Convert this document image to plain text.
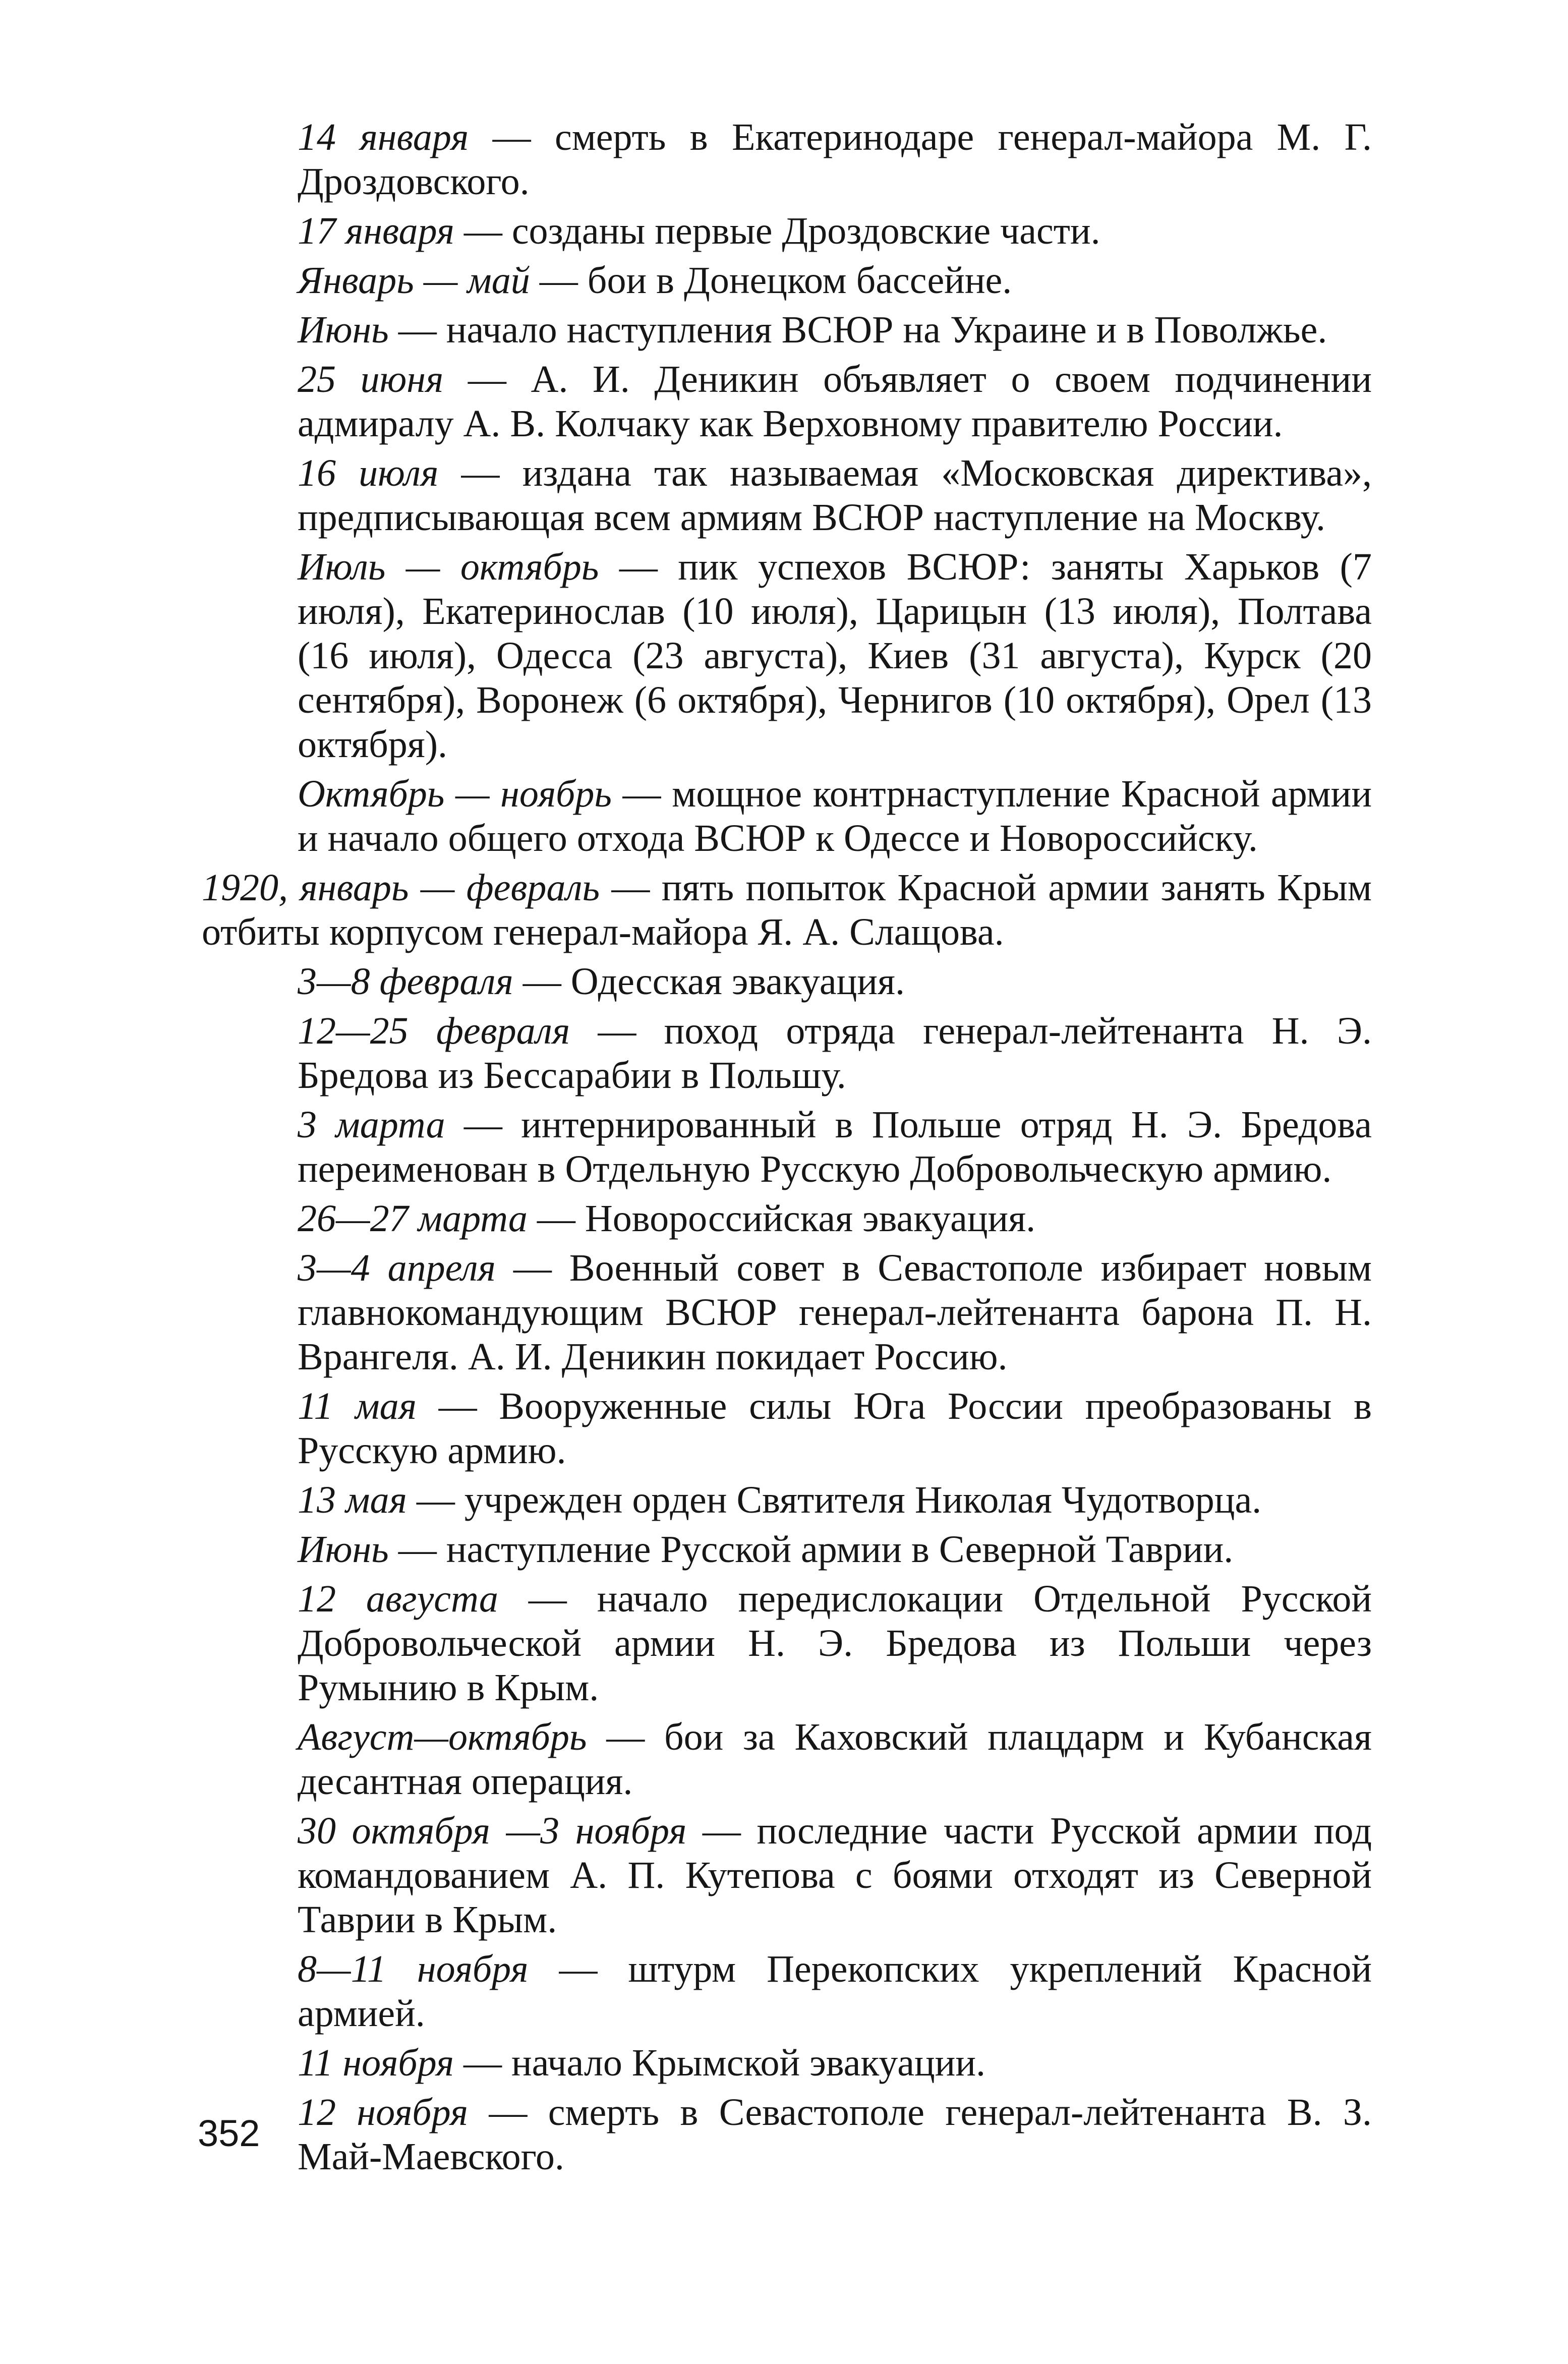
14 января — смерть в Екатеринодаре генерал-майора М. Г. Дроздовского.

17 января — созданы первые Дроздовские части.

Январь — май — бои в Донецком бассейне.

Июнь — начало наступления ВСЮР на Украине и в Поволжье.

25 июня — А. И. Деникин объявляет о своем подчинении адмиралу А. В. Колчаку как Верховному правителю России.

16 июля — издана так называемая «Московская директива», предписывающая всем армиям ВСЮР наступление на Москву.

Июль — октябрь — пик успехов ВСЮР: заняты Харьков (7 июля), Екатеринослав (10 июля), Царицын (13 июля), Полтава (16 июля), Одесса (23 августа), Киев (31 августа), Курск (20 сентября), Воронеж (6 октября), Чернигов (10 октября), Орел (13 октября).

Октябрь — ноябрь — мощное контрнаступление Красной армии и начало общего отхода ВСЮР к Одессе и Новороссийску.

1920, январь — февраль — пять попыток Красной армии занять Крым отбиты корпусом генерал-майора Я. А. Слащова.

3—8 февраля — Одесская эвакуация.

12—25 февраля — поход отряда генерал-лейтенанта Н. Э. Бредова из Бессарабии в Польшу.

3 марта — интернированный в Польше отряд Н. Э. Бредова переименован в Отдельную Русскую Добровольческую армию.

26—27 марта — Новороссийская эвакуация.

3—4 апреля — Военный совет в Севастополе избирает новым главнокомандующим ВСЮР генерал-лейтенанта барона П. Н. Врангеля. А. И. Деникин покидает Россию.

11 мая — Вооруженные силы Юга России преобразованы в Русскую армию.

13 мая — учрежден орден Святителя Николая Чудотворца.

Июнь — наступление Русской армии в Северной Таврии.

12 августа — начало передислокации Отдельной Русской Добровольческой армии Н. Э. Бредова из Польши через Румынию в Крым.

Август—октябрь — бои за Каховский плацдарм и Кубанская десантная операция.

30 октября —3 ноября — последние части Русской армии под командованием А. П. Кутепова с боями отходят из Северной Таврии в Крым.

8—11 ноября — штурм Перекопских укреплений Красной армией.

11 ноября — начало Крымской эвакуации.

12 ноября — смерть в Севастополе генерал-лейтенанта В. З. Май-Маевского.

352
